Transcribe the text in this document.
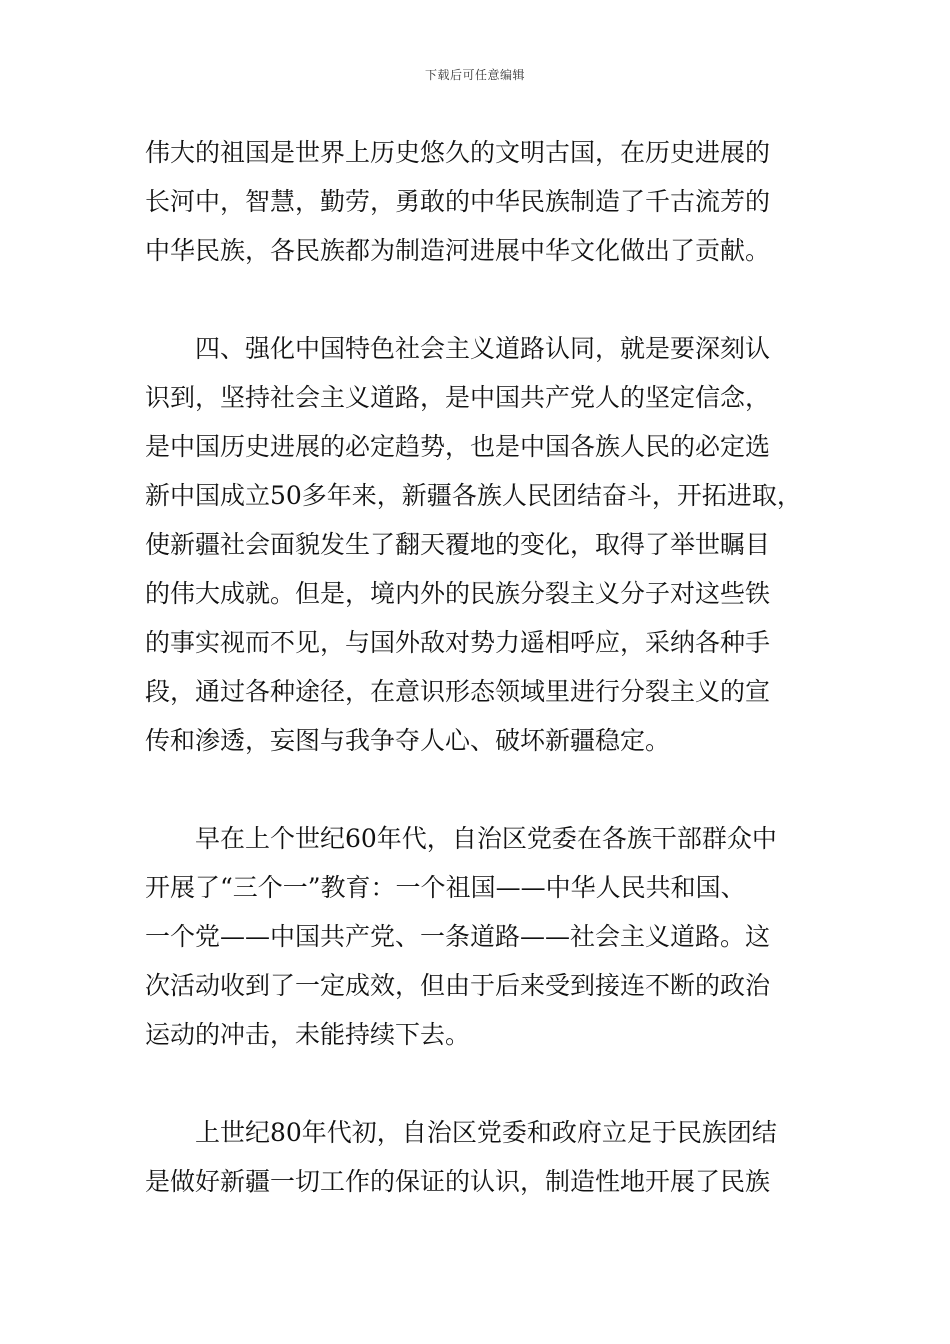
下载后可任意编辑
伟大的祖国是世界上历史悠久的文明古国，在历史进展的
长河中，智慧，勤劳，勇敢的中华民族制造了千古流芳的
中华民族，各民族都为制造河进展中华文化做出了贡献。
　　四、强化中国特色社会主义道路认同，就是要深刻认
识到，坚持社会主义道路，是中国共产党人的坚定信念，
是中国历史进展的必定趋势，也是中国各族人民的必定选
新中国成立50多年来，新疆各族人民团结奋斗，开拓进取，
使新疆社会面貌发生了翻天覆地的变化，取得了举世瞩目
的伟大成就。但是，境内外的民族分裂主义分子对这些铁
的事实视而不见，与国外敌对势力遥相呼应，采纳各种手
段，通过各种途径，在意识形态领域里进行分裂主义的宣
传和渗透，妄图与我争夺人心、破坏新疆稳定。
　　早在上个世纪60年代，自治区党委在各族干部群众中
开展了“三个一”教育：一个祖国——中华人民共和国、
一个党——中国共产党、一条道路——社会主义道路。这
次活动收到了一定成效，但由于后来受到接连不断的政治
运动的冲击，未能持续下去。
　　上世纪80年代初，自治区党委和政府立足于民族团结
是做好新疆一切工作的保证的认识，制造性地开展了民族
